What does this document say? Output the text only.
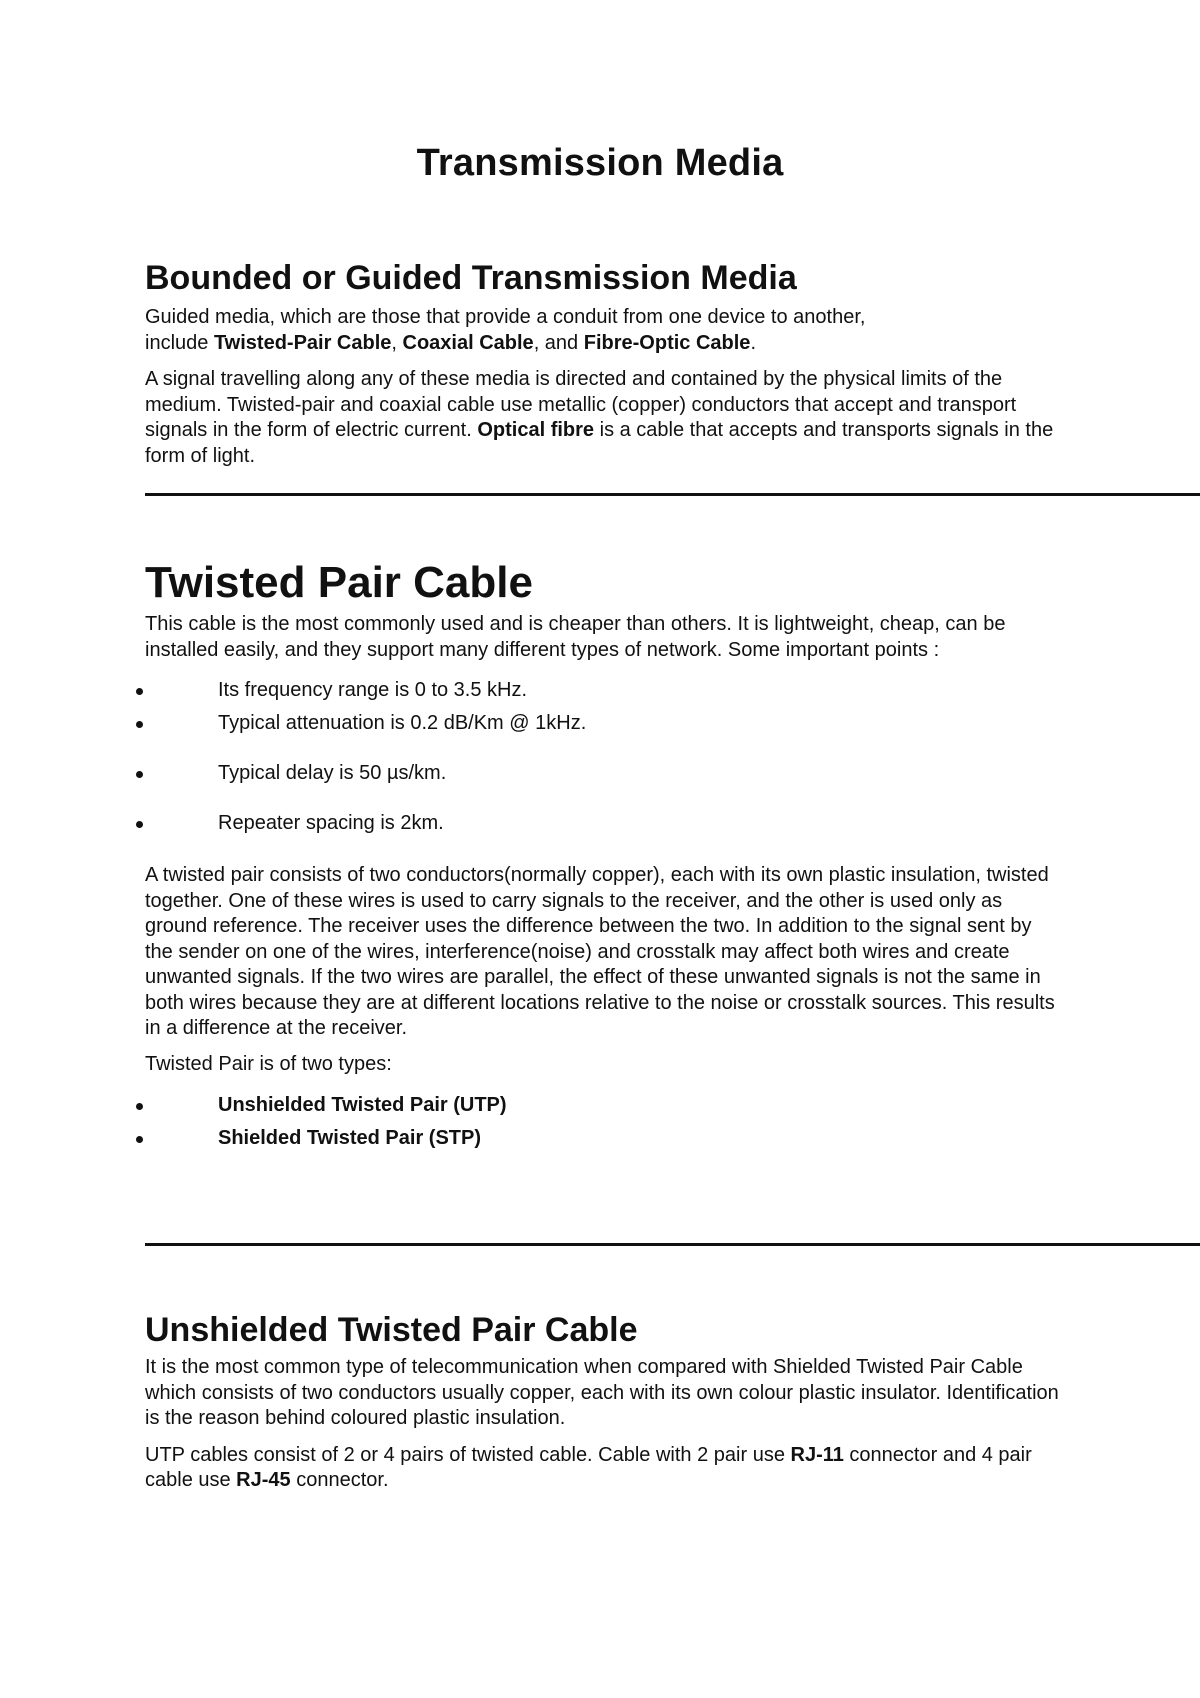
Transmission Media
Bounded or Guided Transmission Media

Guided media, which are those that provide a conduit from one device to another,
include Twisted-Pair Cable, Coaxial Cable, and Fibre-Optic Cable.

A signal travelling along any of these media is directed and contained by the physical limits of the medium. Twisted-pair and coaxial cable use metallic (copper) conductors that accept and transport signals in the form of electric current. Optical fibre is a cable that accepts and transports signals in the form of light.

Twisted Pair Cable

This cable is the most commonly used and is cheaper than others. It is lightweight, cheap, can be installed easily, and they support many different types of network. Some important points :

Its frequency range is 0 to 3.5 kHz.
Typical attenuation is 0.2 dB/Km @ 1kHz.
Typical delay is 50 µs/km.
Repeater spacing is 2km.

A twisted pair consists of two conductors(normally copper), each with its own plastic insulation, twisted together. One of these wires is used to carry signals to the receiver, and the other is used only as ground reference. The receiver uses the difference between the two. In addition to the signal sent by the sender on one of the wires, interference(noise) and crosstalk may affect both wires and create unwanted signals. If the two wires are parallel, the effect of these unwanted signals is not the same in both wires because they are at different locations relative to the noise or crosstalk sources. This results in a difference at the receiver.

Twisted Pair is of two types:

Unshielded Twisted Pair (UTP)
Shielded Twisted Pair (STP)
Unshielded Twisted Pair Cable

It is the most common type of telecommunication when compared with Shielded Twisted Pair Cable which consists of two conductors usually copper, each with its own colour plastic insulator. Identification is the reason behind coloured plastic insulation.

UTP cables consist of 2 or 4 pairs of twisted cable. Cable with 2 pair use RJ-11 connector and 4 pair cable use RJ-45 connector.
